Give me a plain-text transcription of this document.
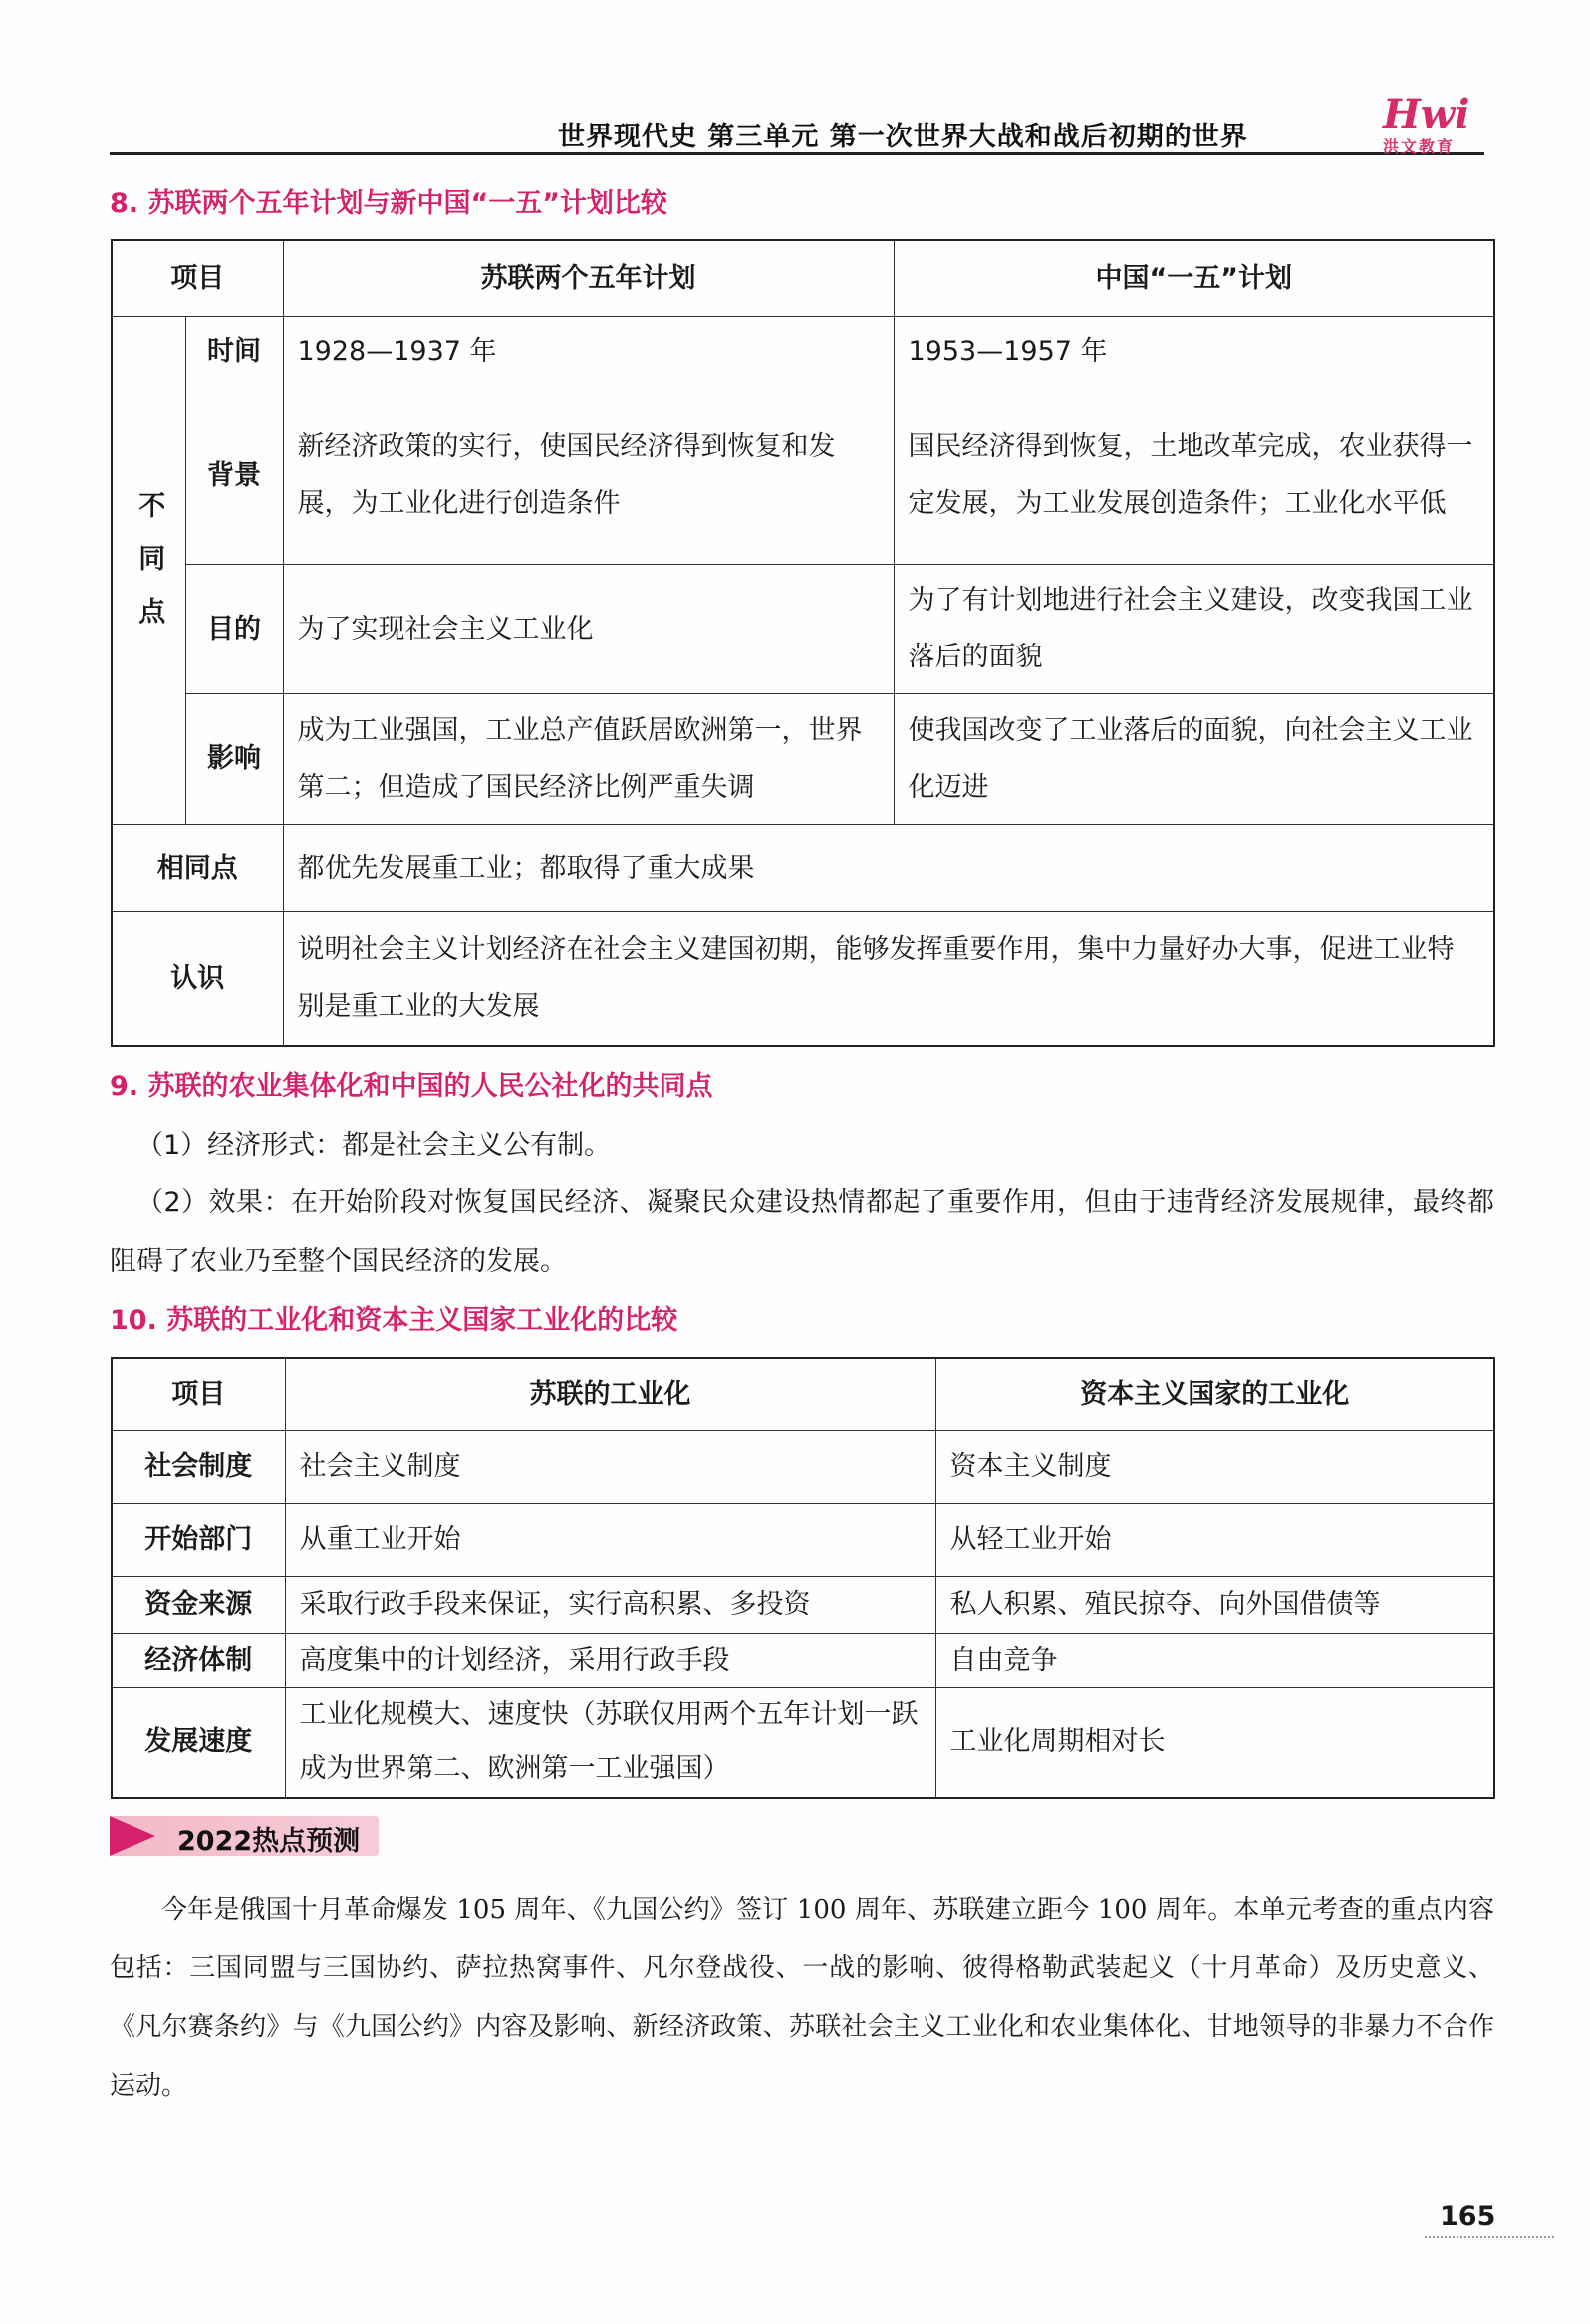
世界现代史 第三单元 第一次世界大战和战后初期的世界	Hwi
洪文教育
8. 苏联两个五年计划与新中国“一五”计划比较
项目		苏联两个五年计划	中国“一五”计划
不同点	时间	1928—1937 年	1953—1957 年
	背景	新经济政策的实行，使国民经济得到恢复和发展，为工业化进行创造条件	国民经济得到恢复，土地改革完成，农业获得一定发展，为工业发展创造条件；工业化水平低
	目的	为了实现社会主义工业化	为了有计划地进行社会主义建设，改变我国工业落后的面貌
	影响	成为工业强国，工业总产值跃居欧洲第一，世界第二；但造成了国民经济比例严重失调	使我国改变了工业落后的面貌，向社会主义工业化迈进
相同点		都优先发展重工业；都取得了重大成果	
认识		说明社会主义计划经济在社会主义建国初期，能够发挥重要作用，集中力量好办大事，促进工业特别是重工业的大发展	
9. 苏联的农业集体化和中国的人民公社化的共同点
（1）经济形式：都是社会主义公有制。
（2）效果：在开始阶段对恢复国民经济、凝聚民众建设热情都起了重要作用，但由于违背经济发展规律，最终都阻碍了农业乃至整个国民经济的发展。
10. 苏联的工业化和资本主义国家工业化的比较
项目	苏联的工业化	资本主义国家的工业化
社会制度	社会主义制度	资本主义制度
开始部门	从重工业开始	从轻工业开始
资金来源	采取行政手段来保证，实行高积累、多投资	私人积累、殖民掠夺、向外国借债等
经济体制	高度集中的计划经济，采用行政手段	自由竞争
发展速度	工业化规模大、速度快（苏联仅用两个五年计划一跃成为世界第二、欧洲第一工业强国）	工业化周期相对长
2022热点预测
今年是俄国十月革命爆发 105 周年、《九国公约》签订 100 周年、苏联建立距今 100 周年。本单元考查的重点内容包括：三国同盟与三国协约、萨拉热窝事件、凡尔登战役、一战的影响、彼得格勒武装起义（十月革命）及历史意义、《凡尔赛条约》与《九国公约》内容及影响、新经济政策、苏联社会主义工业化和农业集体化、甘地领导的非暴力不合作运动。
165
